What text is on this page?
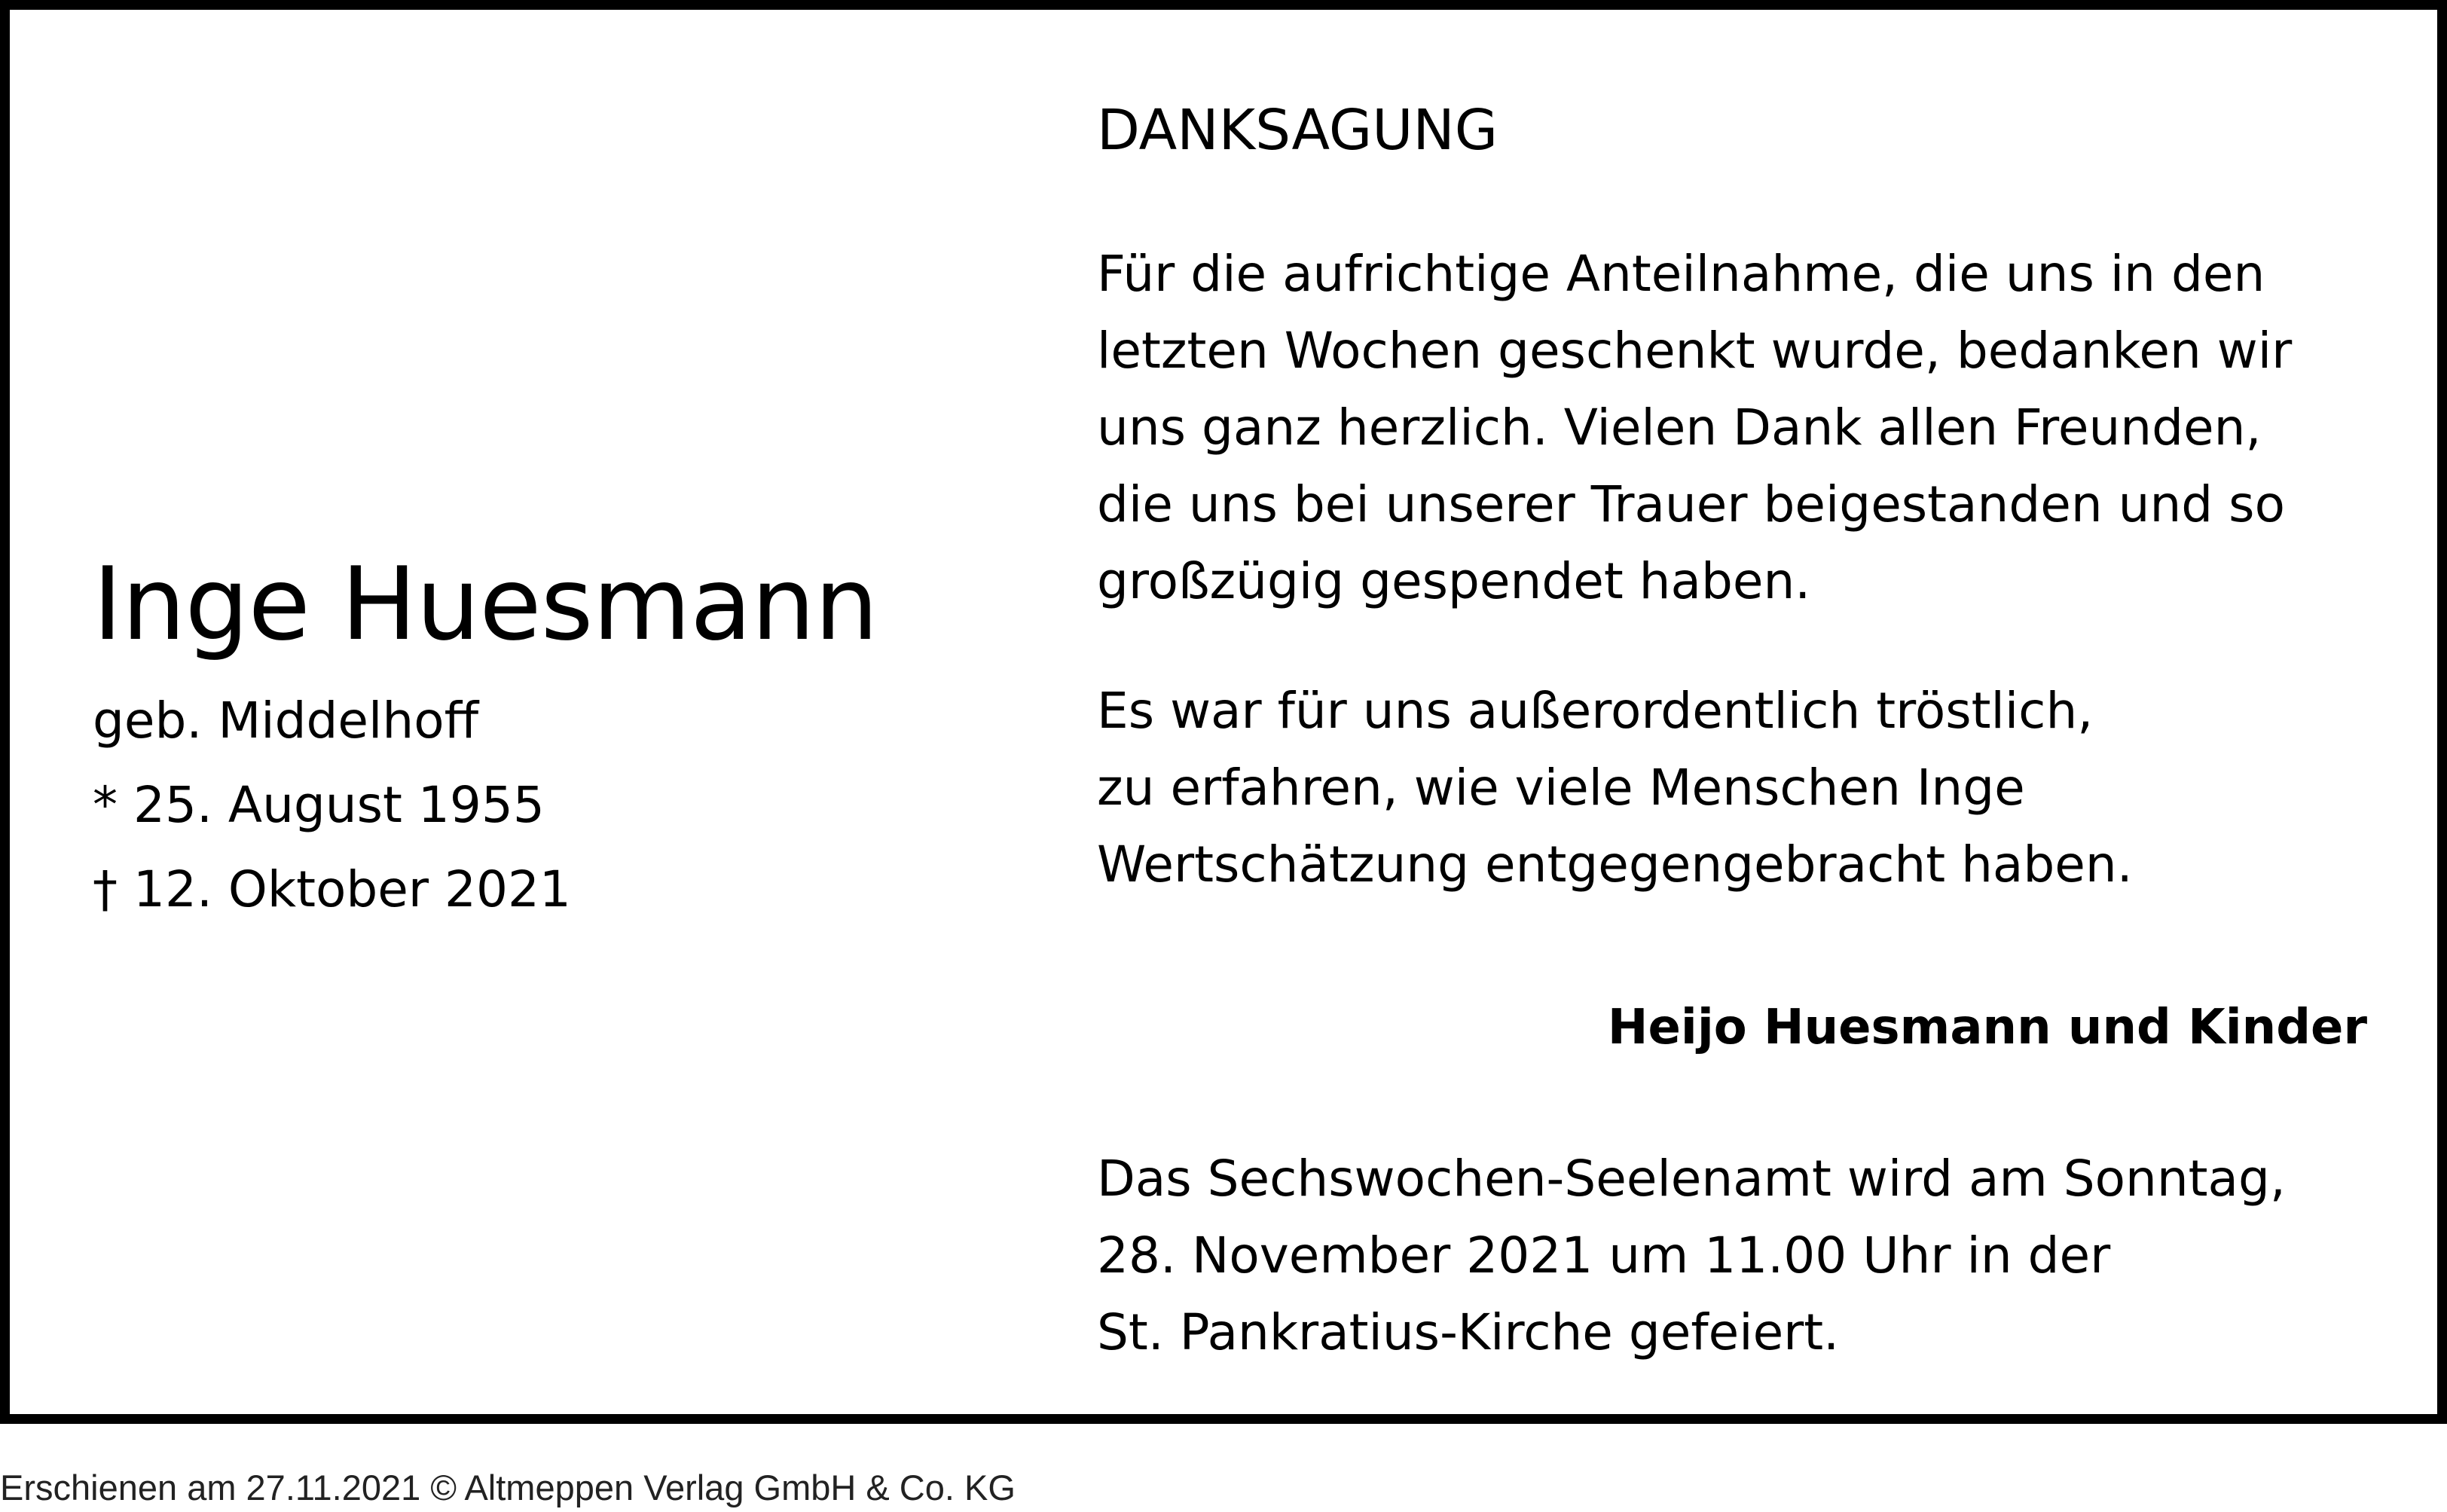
Inge Huesmann
geb. Middelhoff
* 25. August 1955
† 12. Oktober 2021
DANKSAGUNG
Für die aufrichtige Anteilnahme, die uns in den
letzten Wochen geschenkt wurde, bedanken wir
uns ganz herzlich. Vielen Dank allen Freunden,
die uns bei unserer Trauer beigestanden und so
großzügig gespendet haben.
Es war für uns außerordentlich tröstlich,
zu erfahren, wie viele Menschen Inge
Wertschätzung entgegengebracht haben.
Heijo Huesmann und Kinder
Das Sechswochen-Seelenamt wird am Sonntag,
28. November 2021 um 11.00 Uhr in der
St. Pankratius-Kirche gefeiert.
Erschienen am 27.11.2021 © Altmeppen Verlag GmbH & Co. KG
